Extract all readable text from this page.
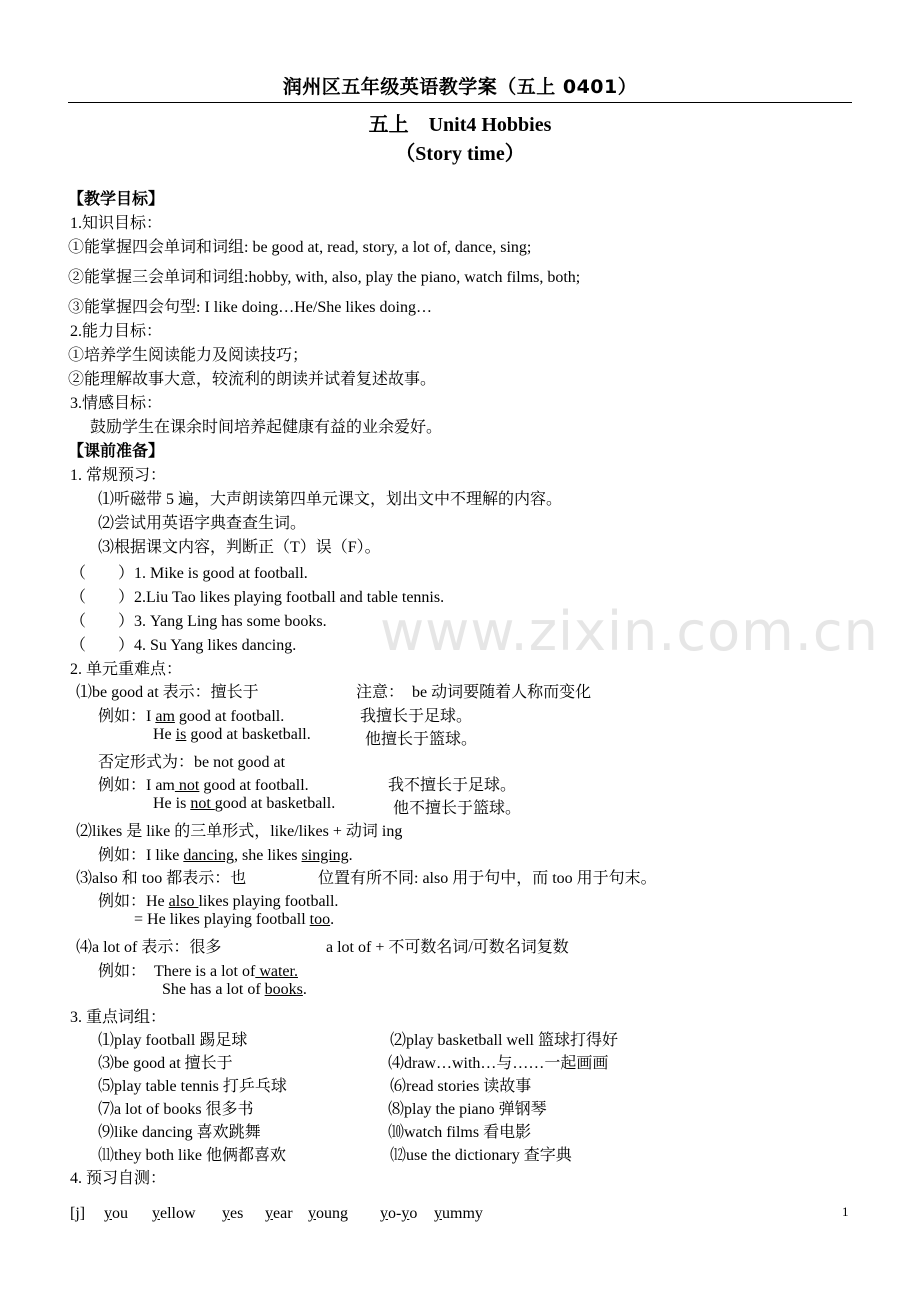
润州区五年级英语教学案（五上 0401）
五上　Unit4 Hobbies
（Story time）
www.zixin.com.cn
【教学目标】
1.知识目标：
①能掌握四会单词和词组: be good at, read, story, a lot of, dance, sing;
②能掌握三会单词和词组:hobby, with, also, play the piano, watch films, both;
③能掌握四会句型: I like doing…He/She likes doing…
2.能力目标：
①培养学生阅读能力及阅读技巧；
②能理解故事大意，较流利的朗读并试着复述故事。
3.情感目标：
鼓励学生在课余时间培养起健康有益的业余爱好。
【课前准备】
1. 常规预习：
⑴听磁带 5 遍，大声朗读第四单元课文，划出文中不理解的内容。
⑵尝试用英语字典查查生词。
⑶根据课文内容，判断正（T）误（F）。
（　　）1. Mike is good at football.
（　　）2.Liu Tao likes playing football and table tennis.
（　　）3. Yang Ling has some books.
（　　）4. Su Yang likes dancing.
2. 单元重难点：
⑴be good at 表示：擅长于	注意：　be 动词要随着人称而变化
例如：I am good at football.	我擅长于足球。
He is good at basketball.	他擅长于篮球。
否定形式为：be not good at
例如：I am not good at football.	我不擅长于足球。
He is not good at basketball.	他不擅长于篮球。
⑵likes 是 like 的三单形式，like/likes + 动词 ing
例如：I like dancing, she likes singing.
⑶also 和 too 都表示：也	位置有所不同: also 用于句中，而 too 用于句末。
例如：He also likes playing football.
= He likes playing football too.
⑷a lot of 表示：很多	a lot of + 不可数名词/可数名词复数
例如：　There is a lot of water.
She has a lot of books.
3. 重点词组：
⑴play football 踢足球	⑵play basketball well 篮球打得好
⑶be good at 擅长于	⑷draw…with…与……一起画画
⑸play table tennis 打乒乓球	⑹read stories 读故事
⑺a lot of books 很多书	⑻play the piano 弹钢琴
⑼like dancing 喜欢跳舞	⑽watch films 看电影
⑾they both like 他俩都喜欢	⑿use the dictionary 查字典
4. 预习自测：
[j] you yellow yes year young yo-yo yummy	1
